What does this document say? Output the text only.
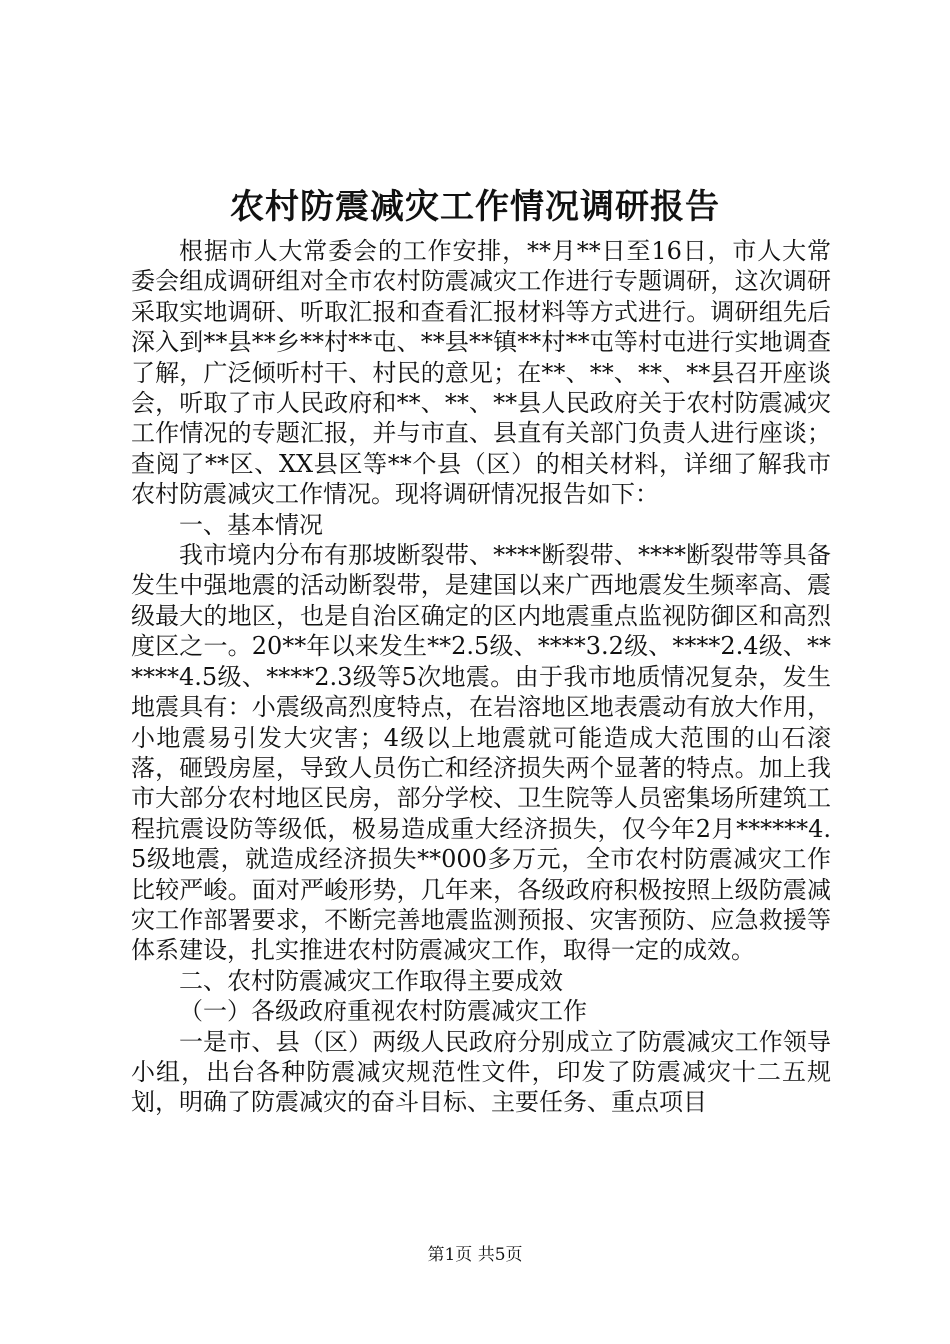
农村防震减灾工作情况调研报告

根据市人大常委会的工作安排，**月**日至16日，市人大常委会组成调研组对全市农村防震减灾工作进行专题调研，这次调研采取实地调研、听取汇报和查看汇报材料等方式进行。调研组先后深入到**县**乡**村**屯、**县**镇**村**屯等村屯进行实地调查了解，广泛倾听村干、村民的意见；在**、**、**、**县召开座谈会，听取了市人民政府和**、**、**县人民政府关于农村防震减灾工作情况的专题汇报，并与市直、县直有关部门负责人进行座谈；查阅了**区、XX县区等**个县（区）的相关材料，详细了解我市农村防震减灾工作情况。现将调研情况报告如下：

一、基本情况

我市境内分布有那坡断裂带、****断裂带、****断裂带等具备发生中强地震的活动断裂带，是建国以来广西地震发生频率高、震级最大的地区，也是自治区确定的区内地震重点监视防御区和高烈度区之一。20**年以来发生**2.5级、****3.2级、****2.4级、******4.5级、****2.3级等5次地震。由于我市地质情况复杂，发生地震具有：小震级高烈度特点，在岩溶地区地表震动有放大作用，小地震易引发大灾害；4级以上地震就可能造成大范围的山石滚落，砸毁房屋，导致人员伤亡和经济损失两个显著的特点。加上我市大部分农村地区民房，部分学校、卫生院等人员密集场所建筑工程抗震设防等级低，极易造成重大经济损失，仅今年2月******4.5级地震，就造成经济损失**000多万元，全市农村防震减灾工作比较严峻。面对严峻形势，几年来，各级政府积极按照上级防震减灾工作部署要求，不断完善地震监测预报、灾害预防、应急救援等体系建设，扎实推进农村防震减灾工作，取得一定的成效。

二、农村防震减灾工作取得主要成效

（一）各级政府重视农村防震减灾工作

一是市、县（区）两级人民政府分别成立了防震减灾工作领导小组，出台各种防震减灾规范性文件，印发了防震减灾十二五规划，明确了防震减灾的奋斗目标、主要任务、重点项目

第1页 共5页
